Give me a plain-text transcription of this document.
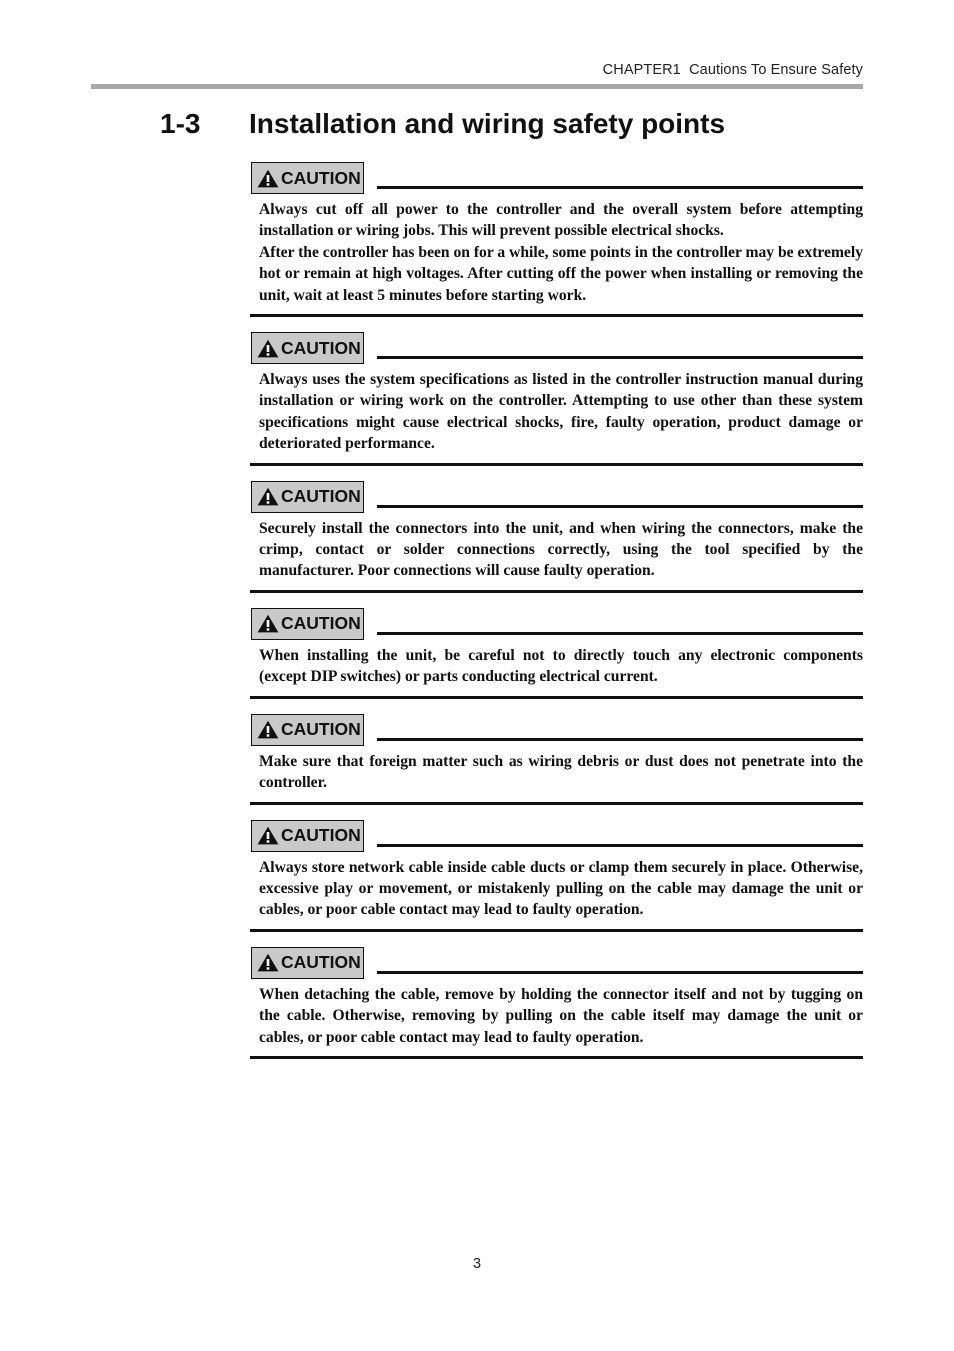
CHAPTER1  Cautions To Ensure Safety
1-3 Installation and wiring safety points
CAUTION

Always cut off all power to the controller and the overall system before attempting installation or wiring jobs. This will prevent possible electrical shocks.

After the controller has been on for a while, some points in the controller may be extremely hot or remain at high voltages. After cutting off the power when installing or removing the unit, wait at least 5 minutes before starting work.

CAUTION

Always uses the system specifications as listed in the controller instruction manual during installation or wiring work on the controller. Attempting to use other than these system specifications might cause electrical shocks, fire, faulty operation, product damage or deteriorated performance.

CAUTION

Securely install the connectors into the unit, and when wiring the connectors, make the crimp, contact or solder connections correctly, using the tool specified by the manufacturer. Poor connections will cause faulty operation.

CAUTION

When installing the unit, be careful not to directly touch any electronic components (except DIP switches) or parts conducting electrical current.

CAUTION

Make sure that foreign matter such as wiring debris or dust does not penetrate into the controller.

CAUTION

Always store network cable inside cable ducts or clamp them securely in place. Otherwise, excessive play or movement, or mistakenly pulling on the cable may damage the unit or cables, or poor cable contact may lead to faulty operation.

CAUTION

When detaching the cable, remove by holding the connector itself and not by tugging on the cable. Otherwise, removing by pulling on the cable itself may damage the unit or cables, or poor cable contact may lead to faulty operation.

3
